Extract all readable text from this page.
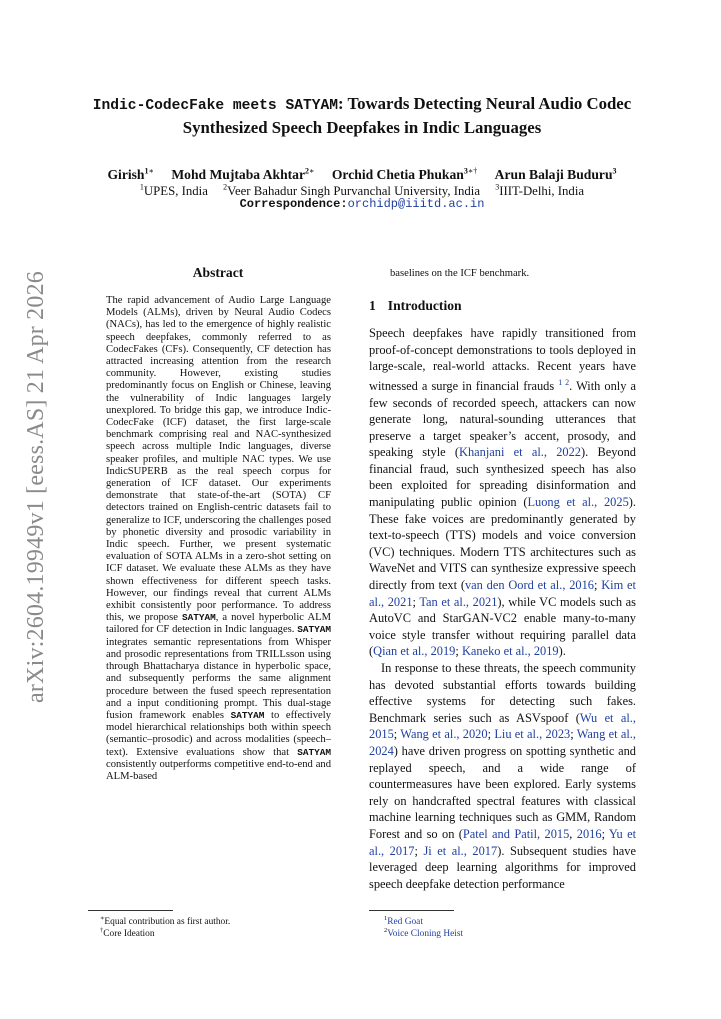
arXiv:2604.19949v1 [eess.AS] 21 Apr 2026
Indic-CodecFake meets SATYAM: Towards Detecting Neural Audio Codec
Synthesized Speech Deepfakes in Indic Languages
Girish$^{1∗}$ Mohd Mujtaba Akhtar$^{2∗}$ Orchid Chetia Phukan$^{3∗\dagger}$ Arun Balaji Buduru$^3$
$^1$UPES, India $^2$Veer Bahadur Singh Purvanchal University, India $^3$IIIT-Delhi, India
Correspondence:orchidp@iiitd.ac.in
Abstract

The rapid advancement of Audio Large Language Models (ALMs), driven by Neural Audio Codecs (NACs), has led to the emergence of highly realistic speech deepfakes, commonly referred to as CodecFakes (CFs). Consequently, CF detection has attracted increasing attention from the research community. However, existing studies predominantly focus on English or Chinese, leaving the vulnerability of Indic languages largely unexplored. To bridge this gap, we introduce Indic-CodecFake (ICF) dataset, the first large-scale benchmark comprising real and NAC-synthesized speech across multiple Indic languages, diverse speaker profiles, and multiple NAC types. We use IndicSUPERB as the real speech corpus for generation of ICF dataset. Our experiments demonstrate that state-of-the-art (SOTA) CF detectors trained on English-centric datasets fail to generalize to ICF, underscoring the challenges posed by phonetic diversity and prosodic variability in Indic speech. Further, we present systematic evaluation of SOTA ALMs in a zero-shot setting on ICF dataset. We evaluate these ALMs as they have shown effectiveness for different speech tasks. However, our findings reveal that current ALMs exhibit consistently poor performance. To address this, we propose SATYAM, a novel hyperbolic ALM tailored for CF detection in Indic languages. SATYAM integrates semantic representations from Whisper and prosodic representations from TRILLsson using through Bhattacharya distance in hyperbolic space, and subsequently performs the same alignment procedure between the fused speech representation and a input conditioning prompt. This dual-stage fusion framework enables SATYAM to effectively model hierarchical relationships both within speech (semantic–prosodic) and across modalities (speech–text). Extensive evaluations show that SATYAM consistently outperforms competitive end-to-end and ALM-based

∗Equal contribution as first author.
†Core Ideation
baselines on the ICF benchmark.
1 Introduction

Speech deepfakes have rapidly transitioned from proof-of-concept demonstrations to tools deployed in large-scale, real-world attacks. Recent years have witnessed a surge in financial frauds $^{1 2}$. With only a few seconds of recorded speech, attackers can now generate long, natural-sounding utterances that preserve a target speaker’s accent, prosody, and speaking style (Khanjani et al., 2022). Beyond financial fraud, such synthesized speech has also been exploited for spreading disinformation and manipulating public opinion (Luong et al., 2025). These fake voices are predominantly generated by text-to-speech (TTS) models and voice conversion (VC) techniques. Modern TTS architectures such as WaveNet and VITS can synthesize expressive speech directly from text (van den Oord et al., 2016; Kim et al., 2021; Tan et al., 2021), while VC models such as AutoVC and StarGAN-VC2 enable many-to-many voice style transfer without requiring parallel data (Qian et al., 2019; Kaneko et al., 2019).

In response to these threats, the speech community has devoted substantial efforts towards building effective systems for detecting such fakes. Benchmark series such as ASVspoof (Wu et al., 2015; Wang et al., 2020; Liu et al., 2023; Wang et al., 2024) have driven progress on spotting synthetic and replayed speech, and a wide range of countermeasures have been explored. Early systems rely on handcrafted spectral features with classical machine learning techniques such as GMM, Random Forest and so on (Patel and Patil, 2015, 2016; Yu et al., 2017; Ji et al., 2017). Subsequent studies have leveraged deep learning algorithms for improved speech deepfake detection performance

$^1$Red Goat
$^2$Voice Cloning Heist
